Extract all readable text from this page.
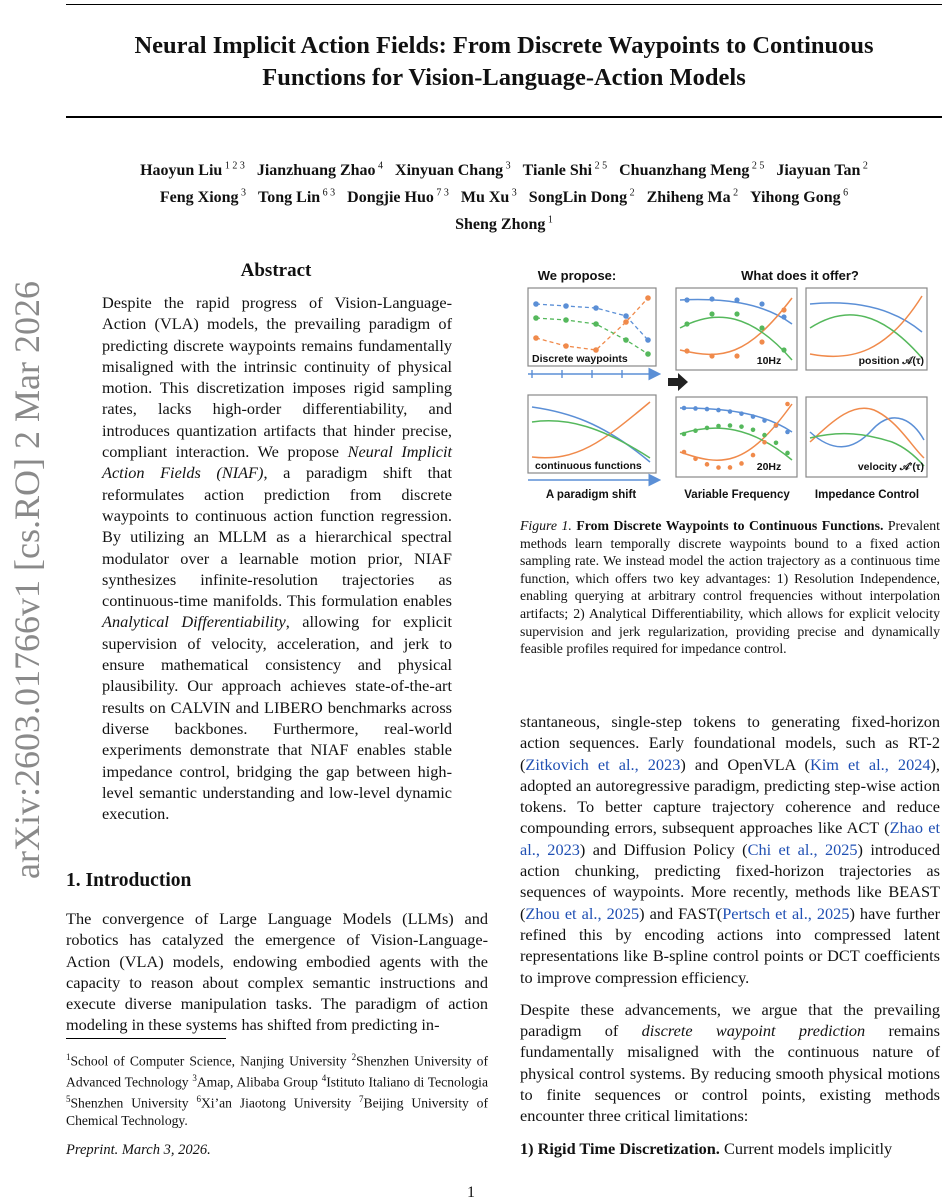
Neural Implicit Action Fields: From Discrete Waypoints to Continuous
Functions for Vision-Language-Action Models
Haoyun Liu $^{1 2 3}$ Jianzhuang Zhao $^4$ Xinyuan Chang $^3$ Tianle Shi $^{2 5}$ Chuanzhang Meng $^{2 5}$ Jiayuan Tan $^2$
Feng Xiong $^3$ Tong Lin $^{6 3}$ Dongjie Huo $^{7 3}$ Mu Xu $^3$ SongLin Dong $^2$ Zhiheng Ma $^2$ Yihong Gong $^6$
Sheng Zhong $^1$
arXiv:2603.01766v1 [cs.RO] 2 Mar 2026
Abstract

Despite the rapid progress of Vision-Language-Action (VLA) models, the prevailing paradigm of predicting discrete waypoints remains fundamentally misaligned with the intrinsic continuity of physical motion. This discretization imposes rigid sampling rates, lacks high-order differentiability, and introduces quantization artifacts that hinder precise, compliant interaction. We propose Neural Implicit Action Fields (NIAF), a paradigm shift that reformulates action prediction from discrete waypoints to continuous action function regression. By utilizing an MLLM as a hierarchical spectral modulator over a learnable motion prior, NIAF synthesizes infinite-resolution trajectories as continuous-time manifolds. This formulation enables Analytical Differentiability, allowing for explicit supervision of velocity, acceleration, and jerk to ensure mathematical consistency and physical plausibility. Our approach achieves state-of-the-art results on CALVIN and LIBERO benchmarks across diverse backbones. Furthermore, real-world experiments demonstrate that NIAF enables stable impedance control, bridging the gap between high-level semantic understanding and low-level dynamic execution.

1. Introduction

The convergence of Large Language Models (LLMs) and robotics has catalyzed the emergence of Vision-Language-Action (VLA) models, endowing embodied agents with the capacity to reason about complex semantic instructions and execute diverse manipulation tasks. The paradigm of action modeling in these systems has shifted from predicting in-

$^1$School of Computer Science, Nanjing University $^2$Shenzhen University of Advanced Technology $^3$Amap, Alibaba Group $^4$Istituto Italiano di Tecnologia $^5$Shenzhen University $^6$Xi’an Jiaotong University $^7$Beijing University of Chemical Technology.
Preprint. March 3, 2026.
1
We propose:	What does it offer?
Discrete waypoints
continuous functions
A paradigm shift
10Hz	position 𝒜(τ)
20Hz	velocity 𝒜′(τ)
Variable Frequency Impedance Control
Figure 1. From Discrete Waypoints to Continuous Functions. Prevalent methods learn temporally discrete waypoints bound to a fixed action sampling rate. We instead model the action trajectory as a continuous time function, which offers two key advantages: 1) Resolution Independence, enabling querying at arbitrary control frequencies without interpolation artifacts; 2) Analytical Differentiability, which allows for explicit velocity supervision and jerk regularization, providing precise and dynamically feasible profiles required for impedance control.

stantaneous, single-step tokens to generating fixed-horizon action sequences. Early foundational models, such as RT-2 (Zitkovich et al., 2023) and OpenVLA (Kim et al., 2024), adopted an autoregressive paradigm, predicting step-wise action tokens. To better capture trajectory coherence and reduce compounding errors, subsequent approaches like ACT (Zhao et al., 2023) and Diffusion Policy (Chi et al., 2025) introduced action chunking, predicting fixed-horizon trajectories as sequences of waypoints. More recently, methods like BEAST (Zhou et al., 2025) and FAST(Pertsch et al., 2025) have further refined this by encoding actions into compressed latent representations like B-spline control points or DCT coefficients to improve compression efficiency.

Despite these advancements, we argue that the prevailing paradigm of discrete waypoint prediction remains fundamentally misaligned with the continuous nature of physical control systems. By reducing smooth physical motions to finite sequences or control points, existing methods encounter three critical limitations:

1) Rigid Time Discretization. Current models implicitly
